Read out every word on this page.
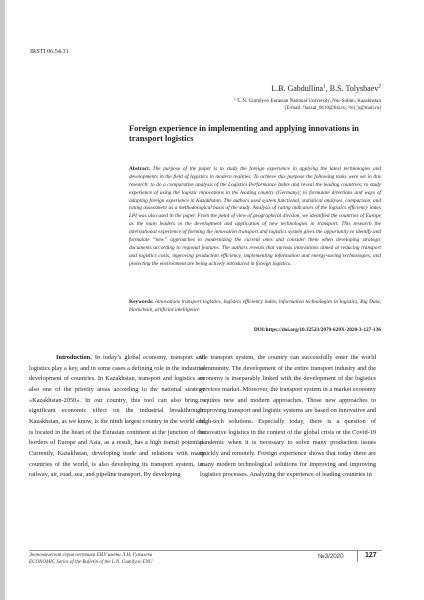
IRSTI 06.54.31
L.B. Gabdullina$^1$, B.S. Tolysbaev$^2$
$^{1,2}$L.N. Gumilyov Eurasian National University, Nur-Sultan, Kazakhstan
(E-mail: ¹lazzat_0610@list.ru, ²tol_b@mail.ru)
Foreign experience in implementing and applying innovations in transport logistics
Abstract. The purpose of the paper is to study the foreign experience in applying the latest technologies and developments in the field of logistics in modern realities. To achieve this purpose the following tasks were set in this research: to do a comparative analysis of the Logistics Performance Index and reveal the leading countries; to study experience of using the logistic innovations in the leading country (Germany); to formulate directions and ways of adapting foreign experience in Kazakhstan. The authors used system functional, statistical analyses, comparison, and rating assessment as a methodological basis of the study. Analysis of rating indicators of the logistics efficiency index LPI was also used in the paper. From the point of view of geographical division, we identified the countries of Europe as the main leaders in the development and application of new technologies in transport. This research the international experience of forming the innovation transport and logistics system gives the opportunity to identify and formulate “new” approaches to modernizing the current ones and consider them when developing strategic documents according to regional features. The authors reveals that various innovations aimed at reducing transport and logistics costs, improving production efficiency, implementing information and energy-saving technologies, and protecting the environment are being actively introduced in foreign logistics.
Keywords: innovations transport logistics, logistics efficiency index, information technologies in logistics, Big Data, blockchain, artificial intelligence
DOI:https://doi.org/10.32523/2079-620X-2020-3-127-136
Introduction. In today’s global economy, transport and logistics play a key, and in some cases a defining role in the industrial development of countries. In Kazakhstan, transport and logistics are also one of the priority areas according to the national strategy «Kazakhstan-2050». In our country, this tool can also bring a significant economic effect on the industrial breakthrough. Kazakhstan, as we know, is the ninth largest country in the world and is located in the heart of the Eurasian continent at the junction of the borders of Europe and Asia, as a result, has a high transit potential. Currently, Kazakhstan, developing trade and relations with many countries of the world, is also developing its transport system, i.e. railway, air, road, sea, and pipeline transport. By developing
the transport system, the country can successfully enter the world community. The development of the entire transport industry and the economy is inseparably linked with the development of the logistics services market. Moreover, the transport system in a market economy requires new and modern approaches. Those new approaches to improving transport and logistic systems are based on innovative and high-tech solutions. Especially today, there is a question of innovative logistics in the context of the global crisis or the Covid-19 pandemic when it is necessary to solve many production issues quickly and remotely. Foreign experience shows that today there are many modern technological solutions for improving and improving logistics processes. Analyzing the experience of leading countries in
Экономическая серия вестника ЕНУ имени Л.Н. Гумилева
ECONOMIC Series of the Bulletin of the L.N. Gumilyov ENU
№3/2020	127
